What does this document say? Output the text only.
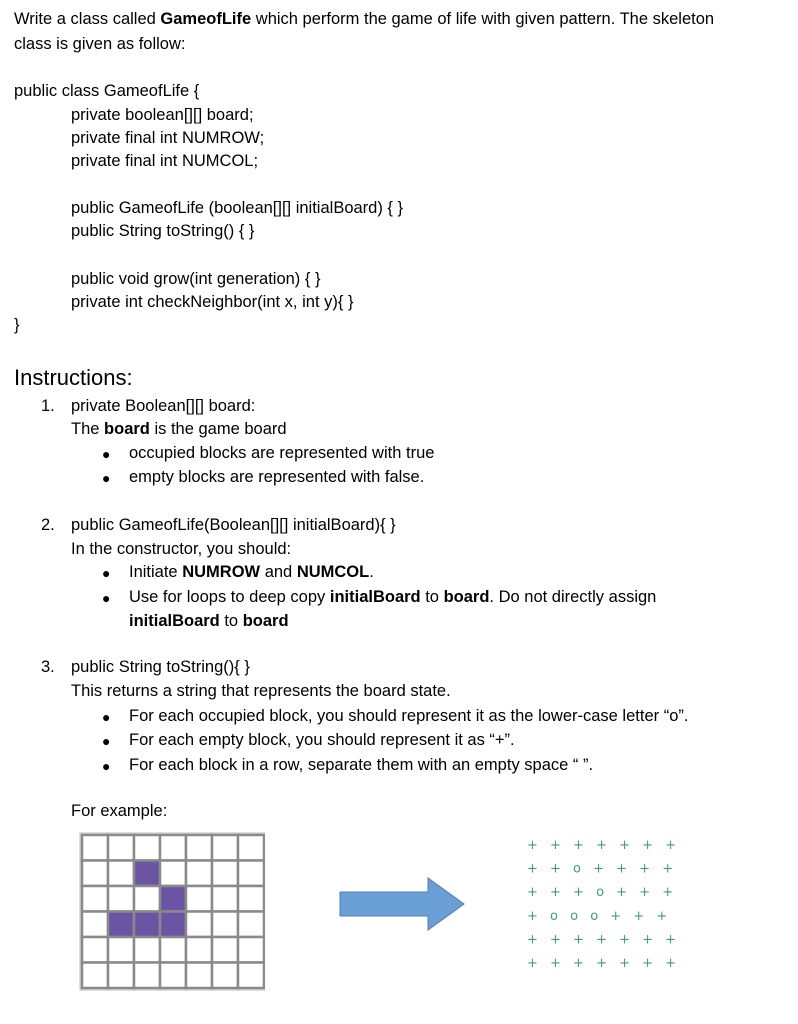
Write a class called GameofLife which perform the game of life with given pattern. The skeleton
class is given as follow:
public class GameofLife {
private boolean[][] board;
private final int NUMROW;
private final int NUMCOL;
public GameofLife (boolean[][] initialBoard) { }
public String toString() { }
public void grow(int generation) { }
private int checkNeighbor(int x, int y){ }
}
Instructions:
1. private Boolean[][] board:
The board is the game board
● occupied blocks are represented with true
● empty blocks are represented with false.
2. public GameofLife(Boolean[][] initialBoard){ }
In the constructor, you should:
● Initiate NUMROW and NUMCOL.
● Use for loops to deep copy initialBoard to board. Do not directly assign
initialBoard to board
3. public String toString(){ }
This returns a string that represents the board state.
● For each occupied block, you should represent it as the lower-case letter “o”.
● For each empty block, you should represent it as “+”.
● For each block in a row, separate them with an empty space “ ”.
For example:
+ + + + + + +
+ + o + + + +
+ + + o + + +
+ o o o + + +
+ + + + + + +
+ + + + + + +
